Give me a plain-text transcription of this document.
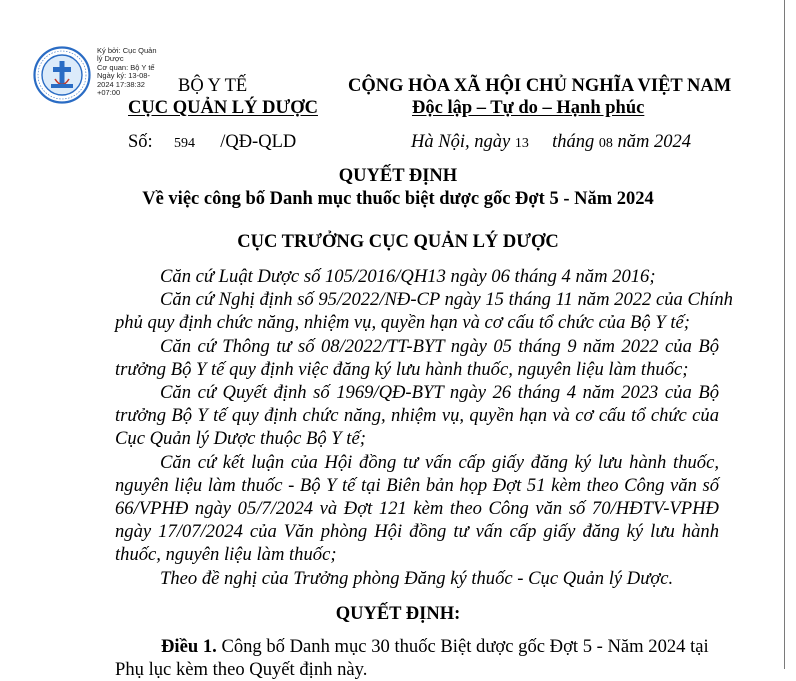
Ký bởi: Cục Quản
lý Dược
Cơ quan: Bộ Y tế
Ngày ký: 13-08-
2024 17:38:32
+07:00	BỘ Y TẾ
CỤC QUẢN LÝ DƯỢC
Số: 594 /QĐ-QLD
CỘNG HÒA XÃ HỘI CHỦ NGHĨA VIỆT NAM
Độc lập – Tự do – Hạnh phúc
Hà Nội, ngày 13 tháng 08 năm 2024
QUYẾT ĐỊNH
Về việc công bố Danh mục thuốc biệt dược gốc Đợt 5 - Năm 2024
CỤC TRƯỞNG CỤC QUẢN LÝ DƯỢC
Căn cứ Luật Dược số 105/2016/QH13 ngày 06 tháng 4 năm 2016;
Căn cứ Nghị định số 95/2022/NĐ-CP ngày 15 tháng 11 năm 2022 của Chính
phủ quy định chức năng, nhiệm vụ, quyền hạn và cơ cấu tổ chức của Bộ Y tế;
Căn cứ Thông tư số 08/2022/TT-BYT ngày 05 tháng 9 năm 2022 của Bộ
trưởng Bộ Y tế quy định việc đăng ký lưu hành thuốc, nguyên liệu làm thuốc;
Căn cứ Quyết định số 1969/QĐ-BYT ngày 26 tháng 4 năm 2023 của Bộ
trưởng Bộ Y tế quy định chức năng, nhiệm vụ, quyền hạn và cơ cấu tổ chức của
Cục Quản lý Dược thuộc Bộ Y tế;
Căn cứ kết luận của Hội đồng tư vấn cấp giấy đăng ký lưu hành thuốc,
nguyên liệu làm thuốc - Bộ Y tế tại Biên bản họp Đợt 51 kèm theo Công văn số
66/VPHĐ ngày 05/7/2024 và Đợt 121 kèm theo Công văn số 70/HĐTV-VPHĐ
ngày 17/07/2024 của Văn phòng Hội đồng tư vấn cấp giấy đăng ký lưu hành
thuốc, nguyên liệu làm thuốc;
Theo đề nghị của Trưởng phòng Đăng ký thuốc - Cục Quản lý Dược.
QUYẾT ĐỊNH:
Điều 1. Công bố Danh mục 30 thuốc Biệt dược gốc Đợt 5 - Năm 2024 tại
Phụ lục kèm theo Quyết định này.
